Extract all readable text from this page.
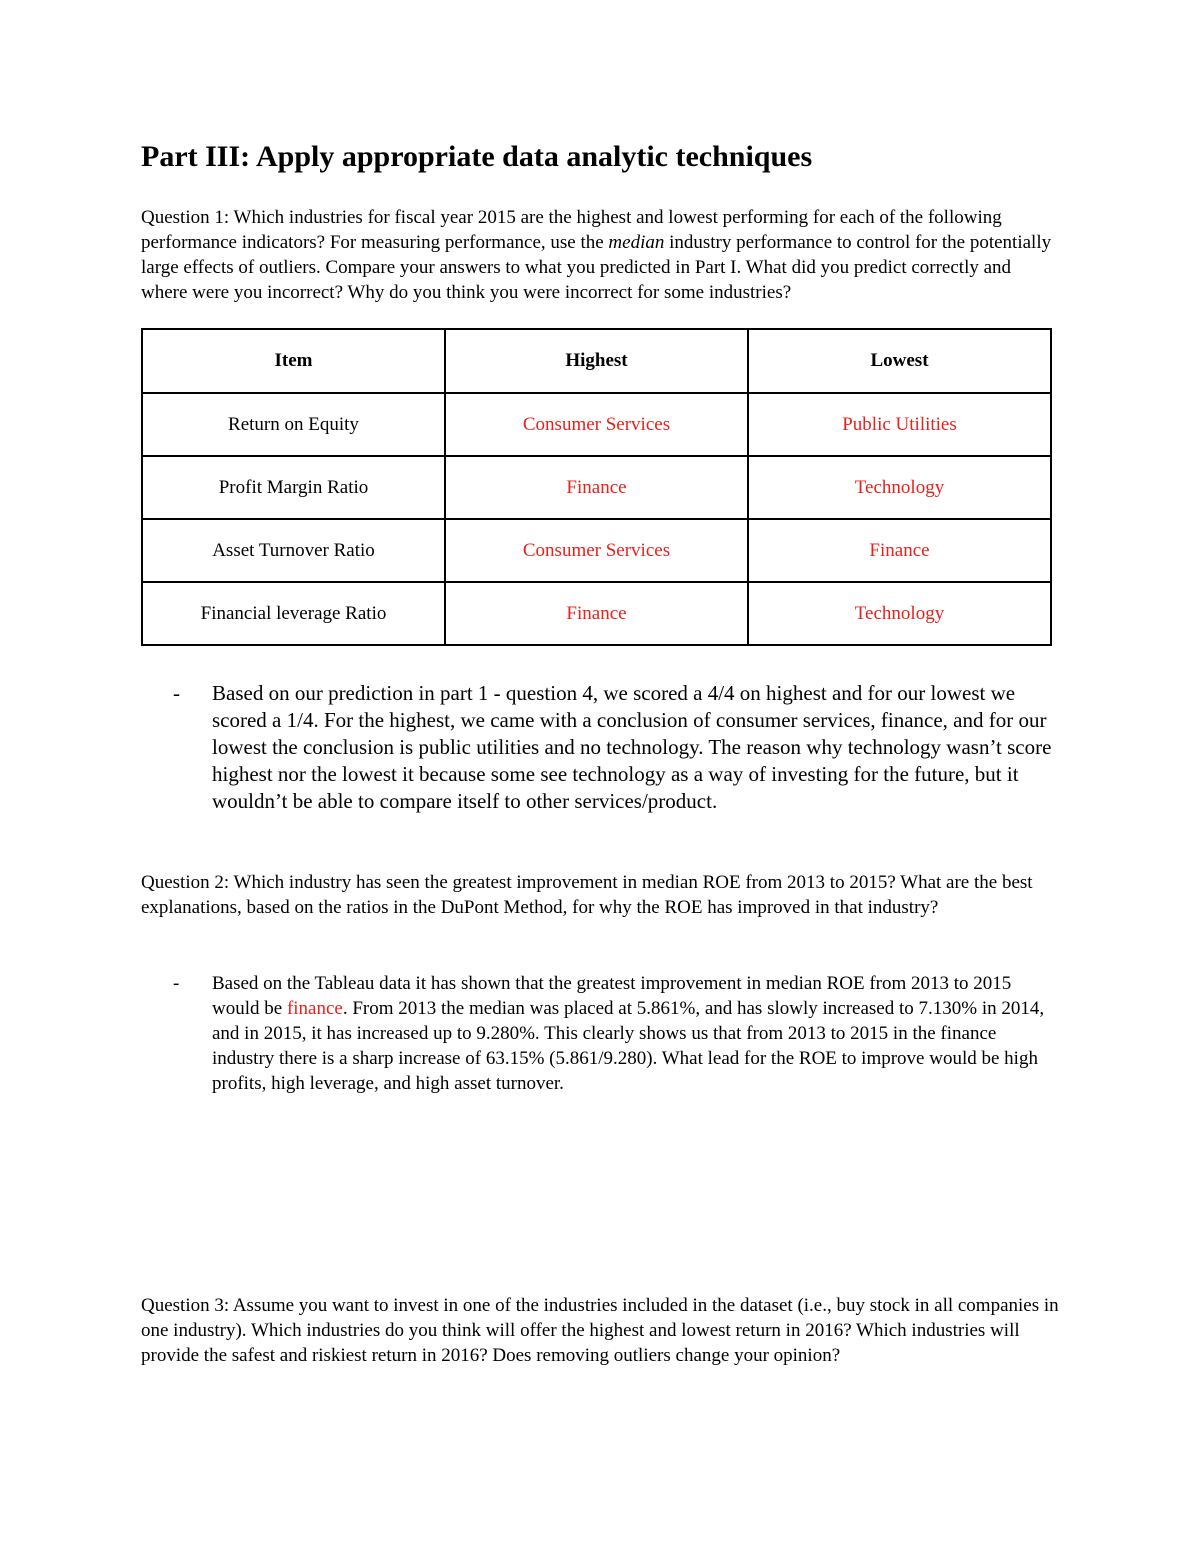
Part III: Apply appropriate data analytic techniques

Question 1: Which industries for fiscal year 2015 are the highest and lowest performing for each of the following performance indicators? For measuring performance, use the median industry performance to control for the potentially large effects of outliers. Compare your answers to what you predicted in Part I. What did you predict correctly and where were you incorrect? Why do you think you were incorrect for some industries?

Item	Highest	Lowest
Return on Equity	Consumer Services	Public Utilities
Profit Margin Ratio	Finance	Technology
Asset Turnover Ratio	Consumer Services	Finance
Financial leverage Ratio	Finance	Technology
-	Based on our prediction in part 1 - question 4, we scored a 4/4 on highest and for our lowest we scored a 1/4. For the highest, we came with a conclusion of consumer services, finance, and for our lowest the conclusion is public utilities and no technology. The reason why technology wasn’t score highest nor the lowest it because some see technology as a way of investing for the future, but it wouldn’t be able to compare itself to other services/product.

Question 2: Which industry has seen the greatest improvement in median ROE from 2013 to 2015? What are the best explanations, based on the ratios in the DuPont Method, for why the ROE has improved in that industry?

-	Based on the Tableau data it has shown that the greatest improvement in median ROE from 2013 to 2015 would be finance. From 2013 the median was placed at 5.861%, and has slowly increased to 7.130% in 2014, and in 2015, it has increased up to 9.280%. This clearly shows us that from 2013 to 2015 in the finance industry there is a sharp increase of 63.15% (5.861/9.280). What lead for the ROE to improve would be high profits, high leverage, and high asset turnover.

Question 3: Assume you want to invest in one of the industries included in the dataset (i.e., buy stock in all companies in one industry). Which industries do you think will offer the highest and lowest return in 2016? Which industries will provide the safest and riskiest return in 2016? Does removing outliers change your opinion?
